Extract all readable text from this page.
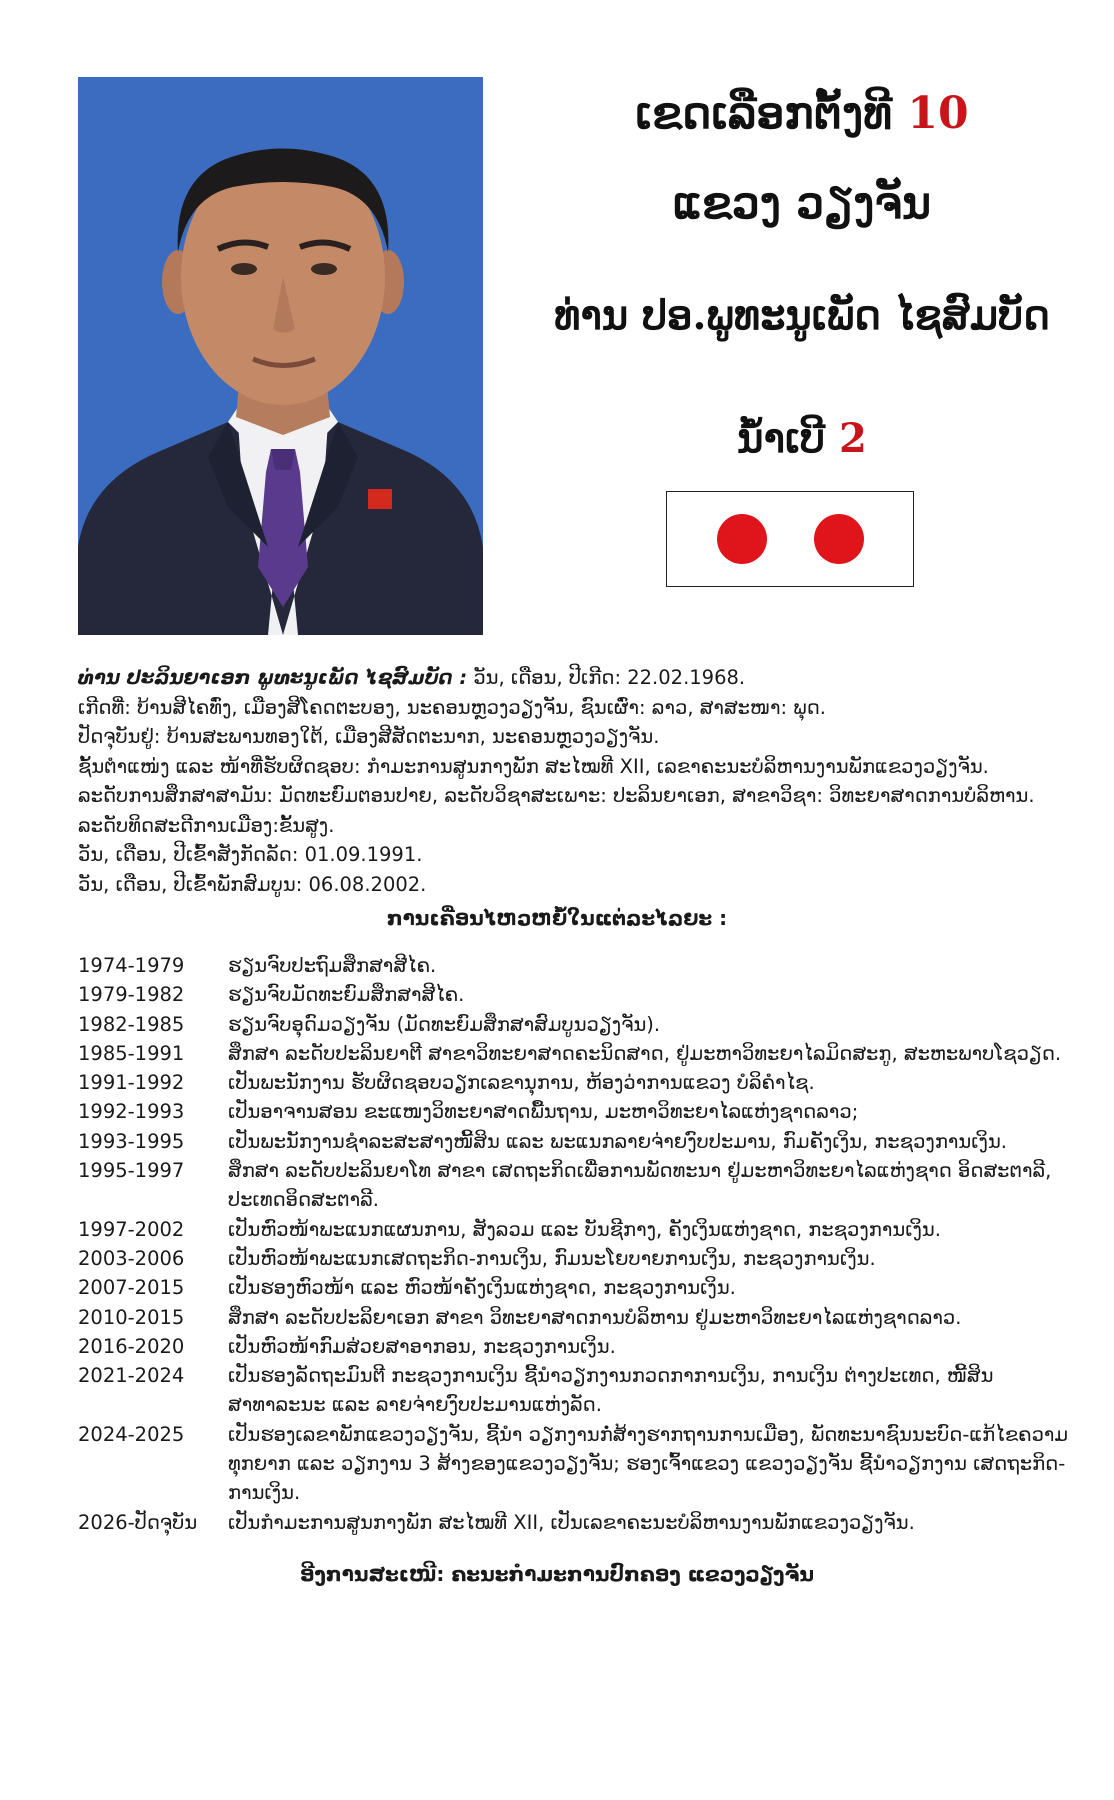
ເຂດເລືອກຕັ້ງທີ 10
ແຂວງ ວຽງຈັນ
ທ່ານ ປອ.ພູທະນູເພັດ ໄຊສົມບັດ
ນໍ້າເບີ 2
ທ່ານ ປະລິນຍາເອກ ພູທະນູເພັດ ໄຊສົມບັດ : ວັນ, ເດືອນ, ປີເກີດ: 22.02.1968.
ເກີດທີ່: ບ້ານສີໄຄທົ່ງ, ເມືອງສີໂຄດຕະບອງ, ນະຄອນຫຼວງວຽງຈັນ, ຊົນເຜົ່າ: ລາວ, ສາສະໜາ: ພຸດ.
ປັດຈຸບັນຢູ່: ບ້ານສະພານທອງໃຕ້, ເມືອງສີສັດຕະນາກ, ນະຄອນຫຼວງວຽງຈັນ.
ຊັ້ນຕໍາແໜ່ງ ແລະ ໜ້າທີ່ຮັບຜິດຊອບ: ກໍາມະການສູນກາງພັກ ສະໄໝທີ XII, ເລຂາຄະນະບໍລິຫານງານພັກແຂວງວຽງຈັນ.
ລະດັບການສຶກສາສາມັນ: ມັດທະຍົມຕອນປາຍ, ລະດັບວິຊາສະເພາະ: ປະລິນຍາເອກ, ສາຂາວິຊາ: ວິທະຍາສາດການບໍລິຫານ.
ລະດັບທິດສະດີການເມືອງ:ຂັ້ນສູງ.
ວັນ, ເດືອນ, ປີເຂົ້າສັງກັດລັດ: 01.09.1991.
ວັນ, ເດືອນ, ປີເຂົ້າພັກສົມບູນ: 06.08.2002.
ການເຄື່ອນໄຫວຫຍໍ້ໃນແຕ່ລະໄລຍະ :
1974-1979	ຮຽນຈົບປະຖົມສຶກສາສີໄຄ.
1979-1982	ຮຽນຈົບມັດທະຍົມສຶກສາສີໄຄ.
1982-1985	ຮຽນຈົບອຸດົມວຽງຈັນ (ມັດທະຍົມສຶກສາສົມບູນວຽງຈັນ).
1985-1991	ສຶກສາ ລະດັບປະລິນຍາຕີ ສາຂາວິທະຍາສາດຄະນິດສາດ, ຢູ່ມະຫາວິທະຍາໄລມິດສະກູ, ສະຫະພາບໂຊວຽດ.
1991-1992	ເປັນພະນັກງານ ຮັບຜິດຊອບວຽກເລຂານຸການ, ຫ້ອງວ່າການແຂວງ ບໍລິຄໍາໄຊ.
1992-1993	ເປັນອາຈານສອນ ຂະແໜງວິທະຍາສາດພື້ນຖານ, ມະຫາວິທະຍາໄລແຫ່ງຊາດລາວ;
1993-1995	ເປັນພະນັກງານຊໍາລະສະສາງໜີ້ສິນ ແລະ ພະແນກລາຍຈ່າຍງົບປະມານ, ກົມຄັງເງິນ, ກະຊວງການເງິນ.
1995-1997	ສຶກສາ ລະດັບປະລິນຍາໂທ ສາຂາ ເສດຖະກິດເພື່ອການພັດທະນາ ຢູ່ມະຫາວິທະຍາໄລແຫ່ງຊາດ ອິດສະຕາລີ, ປະເທດອິດສະຕາລີ.
1997-2002	ເປັນຫົວໜ້າພະແນກແຜນການ, ສັງລວມ ແລະ ບັນຊີກາງ, ຄັງເງິນແຫ່ງຊາດ, ກະຊວງການເງິນ.
2003-2006	ເປັນຫົວໜ້າພະແນກເສດຖະກິດ-ການເງິນ, ກົມນະໂຍບາຍການເງິນ, ກະຊວງການເງິນ.
2007-2015	ເປັນຮອງຫົວໜ້າ ແລະ ຫົວໜ້າຄັງເງິນແຫ່ງຊາດ, ກະຊວງການເງິນ.
2010-2015	ສຶກສາ ລະດັບປະລິຍາເອກ ສາຂາ ວິທະຍາສາດການບໍລິຫານ ຢູ່ມະຫາວິທະຍາໄລແຫ່ງຊາດລາວ.
2016-2020	ເປັນຫົວໜ້າກົມສ່ວຍສາອາກອນ, ກະຊວງການເງິນ.
2021-2024	ເປັນຮອງລັດຖະມົນຕີ ກະຊວງການເງິນ ຊີ້ນໍາວຽກງານກວດກາການເງິນ, ການເງິນ ຕ່າງປະເທດ, ໜີ້ສິນສາທາລະນະ ແລະ ລາຍຈ່າຍງົບປະມານແຫ່ງລັດ.
2024-2025	ເປັນຮອງເລຂາພັກແຂວງວຽງຈັນ, ຊີ້ນໍາ ວຽກງານກໍ່ສ້າງຮາກຖານການເມືອງ, ພັດທະນາຊົນນະບົດ-ແກ້ໄຂຄວາມທຸກຍາກ ແລະ ວຽກງານ 3 ສ້າງຂອງແຂວງວຽງຈັນ; ຮອງເຈົ້າແຂວງ ແຂວງວຽງຈັນ ຊີ້ນໍາວຽກງານ ເສດຖະກິດ-ການເງິນ.
2026-ປັດຈຸບັນ	ເປັນກໍາມະການສູນກາງພັກ ສະໄໝທີ XII, ເປັນເລຂາຄະນະບໍລິຫານງານພັກແຂວງວຽງຈັນ.
ອີງການສະເໜີ: ຄະນະກຳມະການປົກຄອງ ແຂວງວຽງຈັນ
